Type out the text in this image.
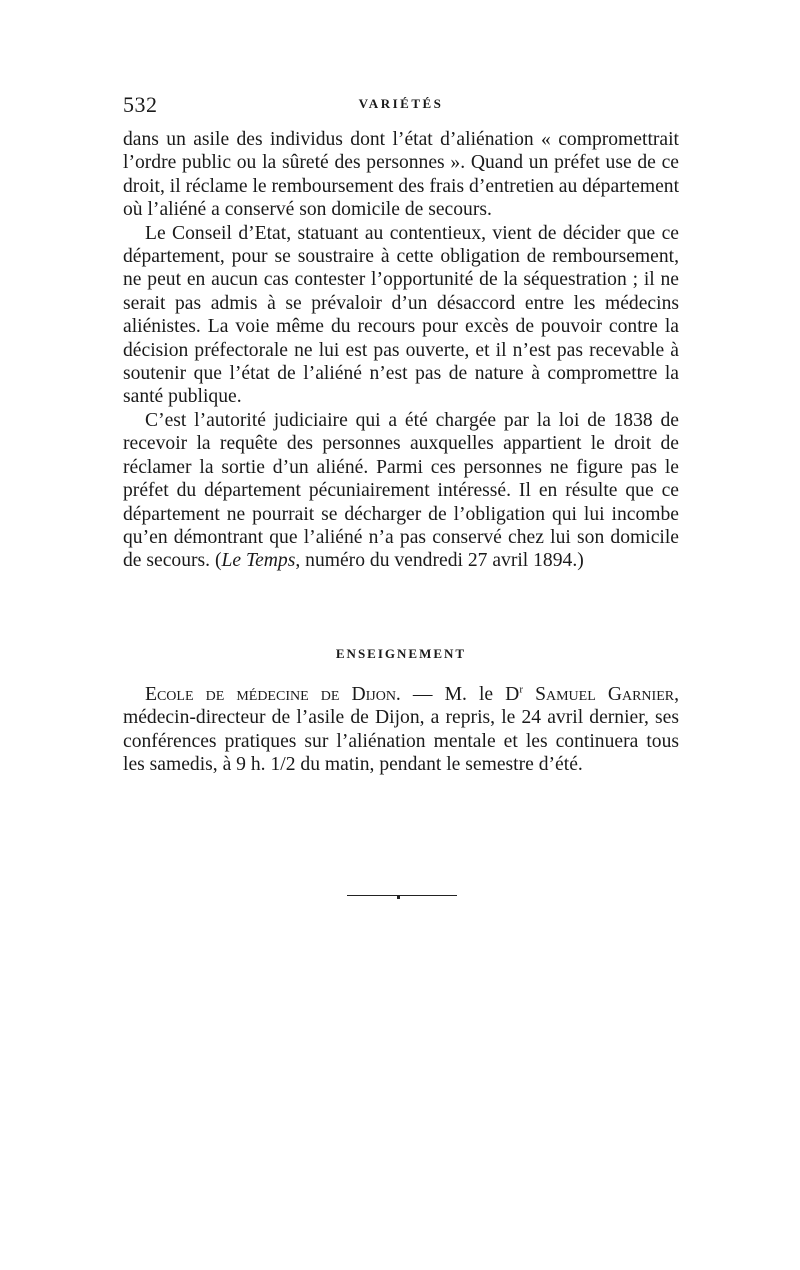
532	VARIÉTÉS

dans un asile des individus dont l’état d’aliénation « compromettrait l’ordre public ou la sûreté des personnes ». Quand un préfet use de ce droit, il réclame le remboursement des frais d’entretien au département où l’aliéné a conservé son domicile de secours.

Le Conseil d’Etat, statuant au contentieux, vient de décider que ce département, pour se soustraire à cette obligation de remboursement, ne peut en aucun cas contester l’opportunité de la séquestration ; il ne serait pas admis à se prévaloir d’un désaccord entre les médecins aliénistes. La voie même du recours pour excès de pouvoir contre la décision préfectorale ne lui est pas ouverte, et il n’est pas recevable à soutenir que l’état de l’aliéné n’est pas de nature à compromettre la santé publique.

C’est l’autorité judiciaire qui a été chargée par la loi de 1838 de recevoir la requête des personnes auxquelles appartient le droit de réclamer la sortie d’un aliéné. Parmi ces personnes ne figure pas le préfet du département pécuniairement intéressé. Il en résulte que ce département ne pourrait se décharger de l’obligation qui lui incombe qu’en démontrant que l’aliéné n’a pas conservé chez lui son domicile de secours. (Le Temps, numéro du vendredi 27 avril 1894.)

ENSEIGNEMENT

Ecole de médecine de Dijon. — M. le $D^r$ Samuel Garnier, médecin-directeur de l’asile de Dijon, a repris, le 24 avril dernier, ses conférences pratiques sur l’aliénation mentale et les continuera tous les samedis, à 9 h. 1/2 du matin, pendant le semestre d’été.
